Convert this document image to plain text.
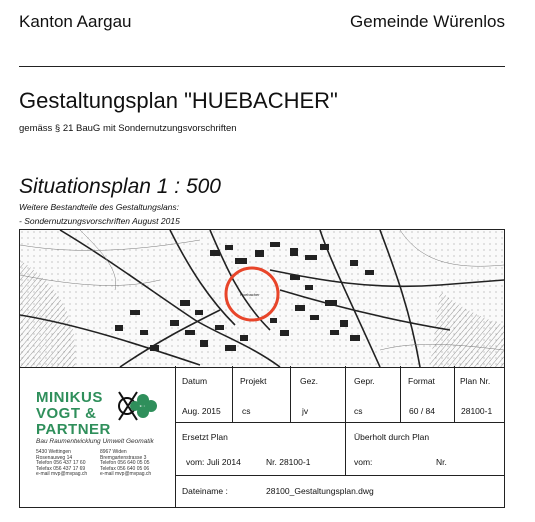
Kanton Aargau	Gemeinde Würenlos
Gestaltungsplan "HUEBACHER"
gemäss § 21 BauG mit Sondernutzungsvorschriften
Situationsplan 1 : 500
Weitere Bestandteile des Gestaltungslans:
- Sondernutzungsvorschriften August 2015
Huebacher
MINIKUS
VOGT &
PARTNER
Bau Raumentwicklung Umwelt Geomatik
5430 Wettingen
Rosenauweg 14
Telefon 056 437 17 60
Telefax 056 437 17 69
e-mail mvp@mvpag.ch
8967 Widen
Bremgartenstrasse 3
Telefon 056 640 05 05
Telefax 056 640 05 06
e-mail mvp@mvpag.ch
Datum	Projekt	Gez.	Gepr.	Format	Plan Nr.
Aug. 2015 cs	jv	cs	60 / 84	28100-1
Ersetzt Plan
vom: Juli 2014	Nr. 28100-1
Überholt durch Plan
vom:	Nr.
Dateiname :	28100_Gestaltungsplan.dwg
